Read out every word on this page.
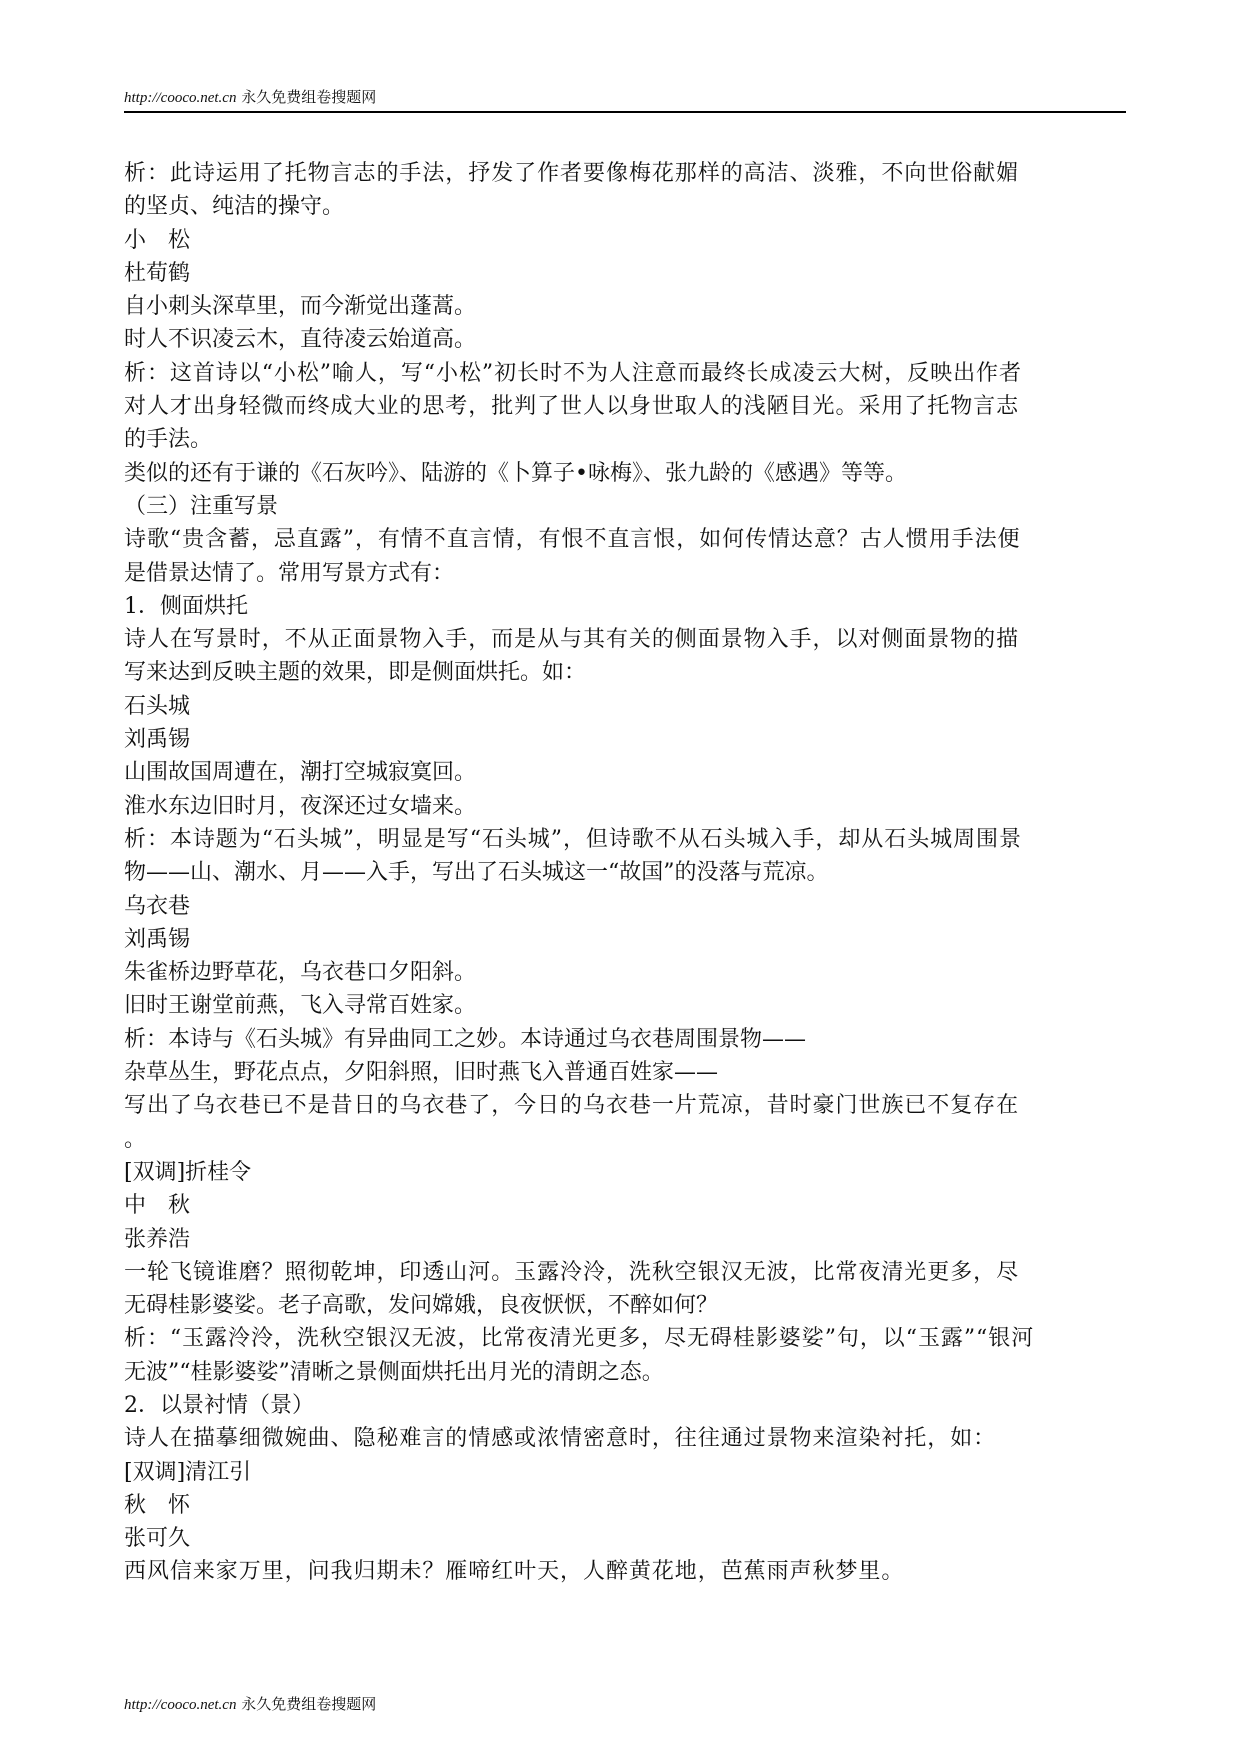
http://cooco.net.cn 永久免费组卷搜题网
析：此诗运用了托物言志的手法，抒发了作者要像梅花那样的高洁、淡雅，不向世俗献媚
的坚贞、纯洁的操守。
小　松
杜荀鹤
自小刺头深草里，而今渐觉出蓬蒿。
时人不识凌云木，直待凌云始道高。
析：这首诗以“小松”喻人，写“小松”初长时不为人注意而最终长成凌云大树，反映出作者
对人才出身轻微而终成大业的思考，批判了世人以身世取人的浅陋目光。采用了托物言志
的手法。
类似的还有于谦的《石灰吟》、陆游的《卜算子•咏梅》、张九龄的《感遇》等等。
（三）注重写景
诗歌“贵含蓄，忌直露”，有情不直言情，有恨不直言恨，如何传情达意？古人惯用手法便
是借景达情了。常用写景方式有：
1．侧面烘托
诗人在写景时，不从正面景物入手，而是从与其有关的侧面景物入手，以对侧面景物的描
写来达到反映主题的效果，即是侧面烘托。如：
石头城
刘禹锡
山围故国周遭在，潮打空城寂寞回。
淮水东边旧时月，夜深还过女墙来。
析：本诗题为“石头城”，明显是写“石头城”，但诗歌不从石头城入手，却从石头城周围景
物——山、潮水、月——入手，写出了石头城这一“故国”的没落与荒凉。
乌衣巷
刘禹锡
朱雀桥边野草花，乌衣巷口夕阳斜。
旧时王谢堂前燕，飞入寻常百姓家。
析：本诗与《石头城》有异曲同工之妙。本诗通过乌衣巷周围景物——
杂草丛生，野花点点，夕阳斜照，旧时燕飞入普通百姓家——
写出了乌衣巷已不是昔日的乌衣巷了，今日的乌衣巷一片荒凉，昔时豪门世族已不复存在
。
[双调]折桂令
中　秋
张养浩
一轮飞镜谁磨？照彻乾坤，印透山河。玉露泠泠，洗秋空银汉无波，比常夜清光更多，尽
无碍桂影婆娑。老子高歌，发问嫦娥，良夜恹恹，不醉如何？
析：“玉露泠泠，洗秋空银汉无波，比常夜清光更多，尽无碍桂影婆娑”句，以“玉露”“银河
无波”“桂影婆娑”清晰之景侧面烘托出月光的清朗之态。
2．以景衬情（景）
诗人在描摹细微婉曲、隐秘难言的情感或浓情密意时，往往通过景物来渲染衬托，如：
[双调]清江引
秋　怀
张可久
西风信来家万里，问我归期未？雁啼红叶天，人醉黄花地，芭蕉雨声秋梦里。
http://cooco.net.cn 永久免费组卷搜题网
